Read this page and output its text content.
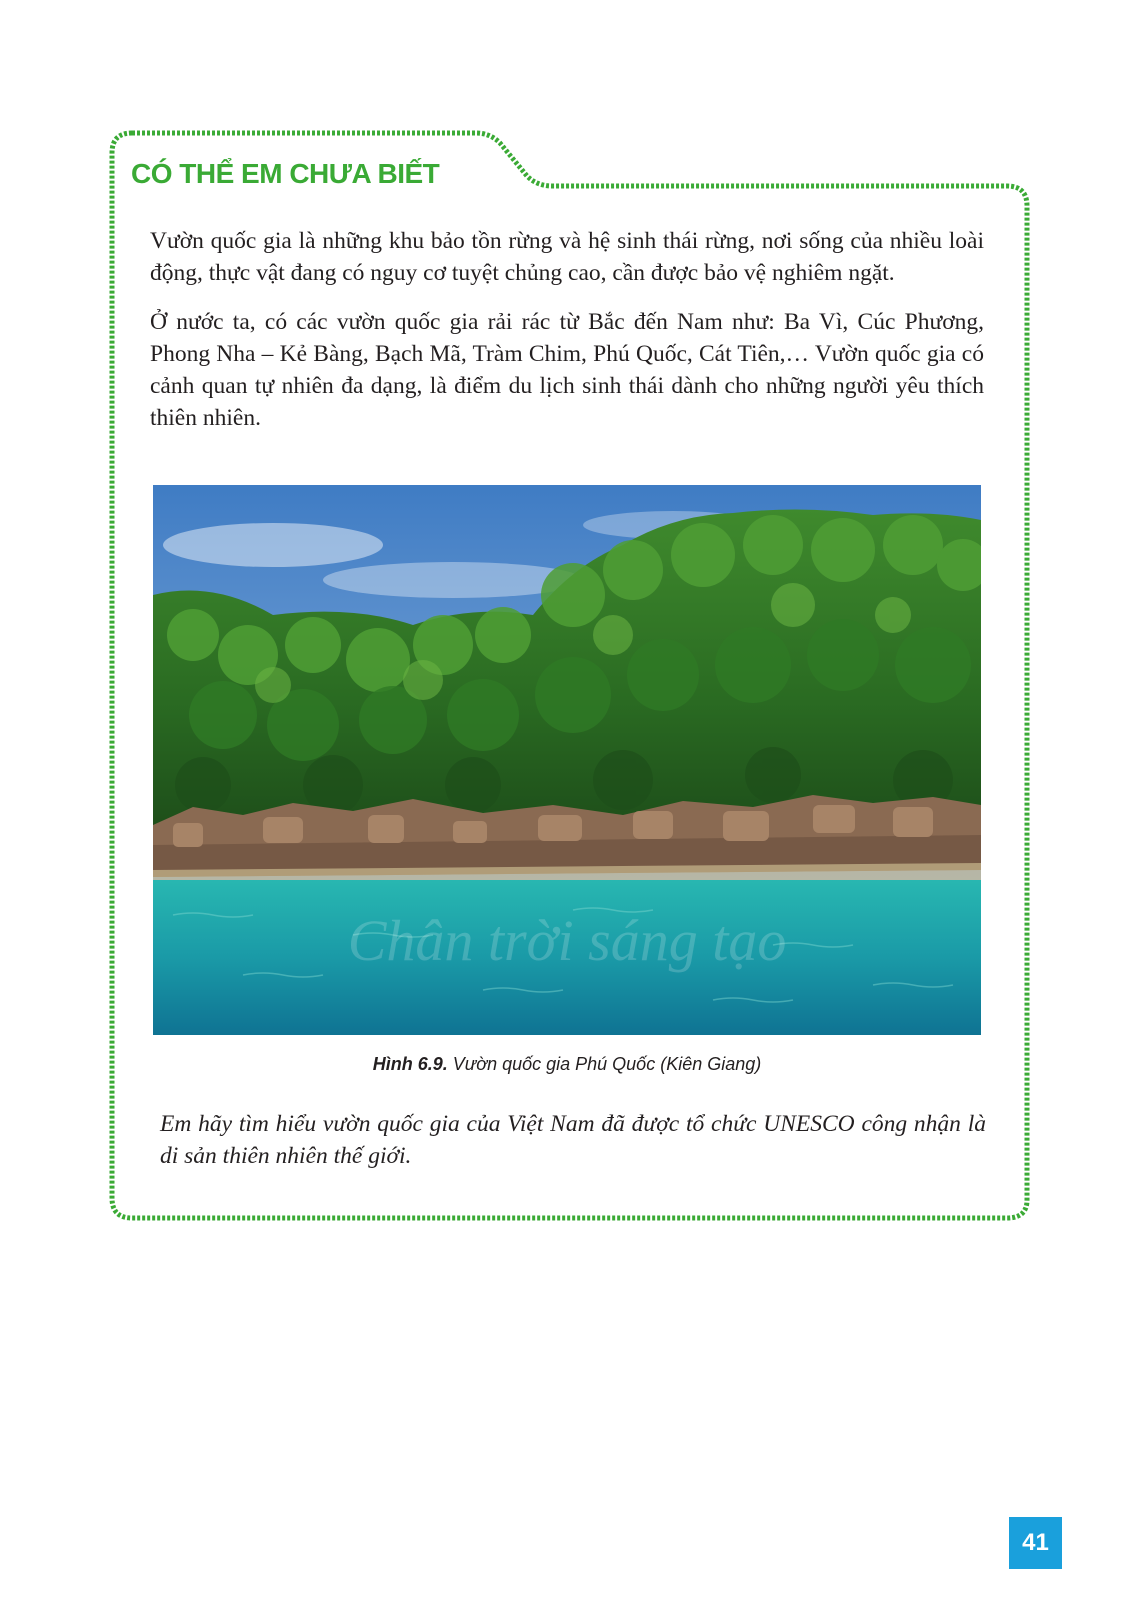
CÓ THỂ EM CHƯA BIẾT

Vườn quốc gia là những khu bảo tồn rừng và hệ sinh thái rừng, nơi sống của nhiều loài động, thực vật đang có nguy cơ tuyệt chủng cao, cần được bảo vệ nghiêm ngặt.

Ở nước ta, có các vườn quốc gia rải rác từ Bắc đến Nam như: Ba Vì, Cúc Phương, Phong Nha – Kẻ Bàng, Bạch Mã, Tràm Chim, Phú Quốc, Cát Tiên,… Vườn quốc gia có cảnh quan tự nhiên đa dạng, là điểm du lịch sinh thái dành cho những người yêu thích thiên nhiên.

Chân trời sáng tạo
Hình 6.9. Vườn quốc gia Phú Quốc (Kiên Giang)

Em hãy tìm hiểu vườn quốc gia của Việt Nam đã được tổ chức UNESCO công nhận là di sản thiên nhiên thế giới.

41
